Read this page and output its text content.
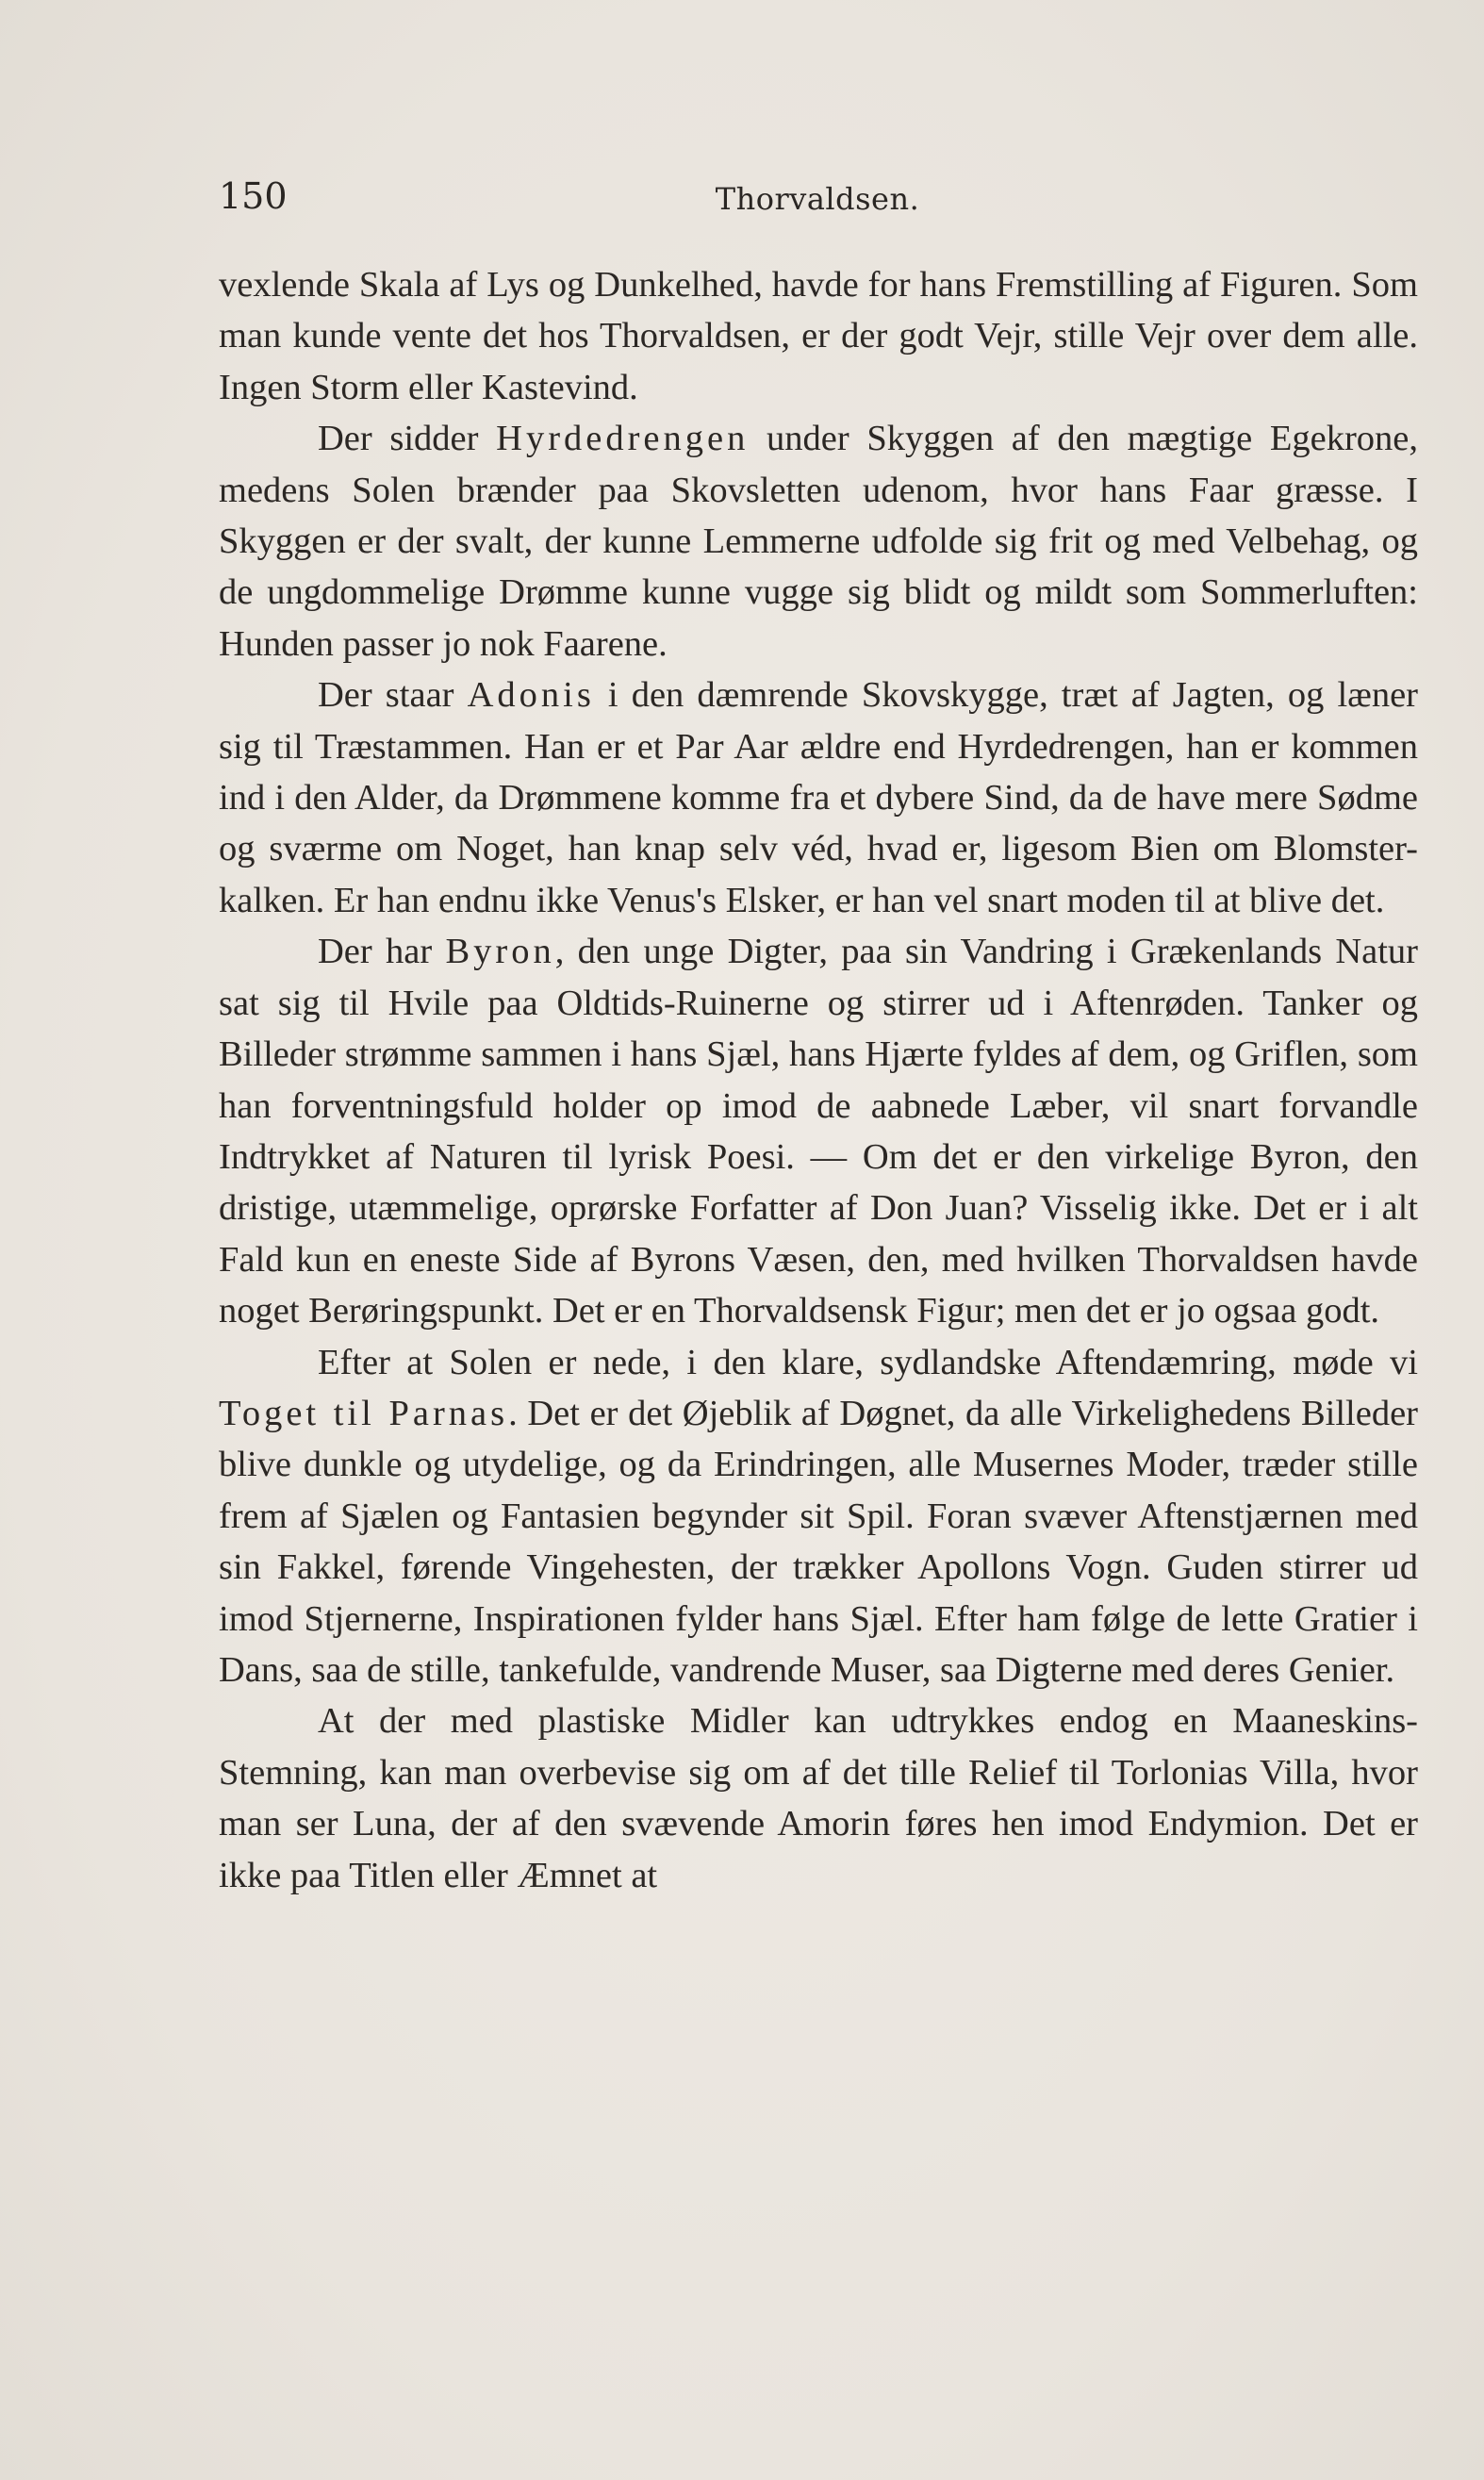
150	Thorvaldsen.

vexlende Skala af Lys og Dunkelhed, havde for hans Fremstilling af Figuren. Som man kunde vente det hos Thorvaldsen, er der godt Vejr, stille Vejr over dem alle. Ingen Storm eller Kastevind.

Der sidder Hyrdedrengen under Skyggen af den mægtige Egekrone, medens Solen brænder paa Skovsletten udenom, hvor hans Faar græsse. I Skyggen er der svalt, der kunne Lemmerne udfolde sig frit og med Velbehag, og de ungdommelige Drømme kunne vugge sig blidt og mildt som Sommerluften: Hunden passer jo nok Faarene.

Der staar Adonis i den dæmrende Skovskygge, træt af Jagten, og læner sig til Træstammen. Han er et Par Aar ældre end Hyrdedrengen, han er kommen ind i den Alder, da Drømmene komme fra et dybere Sind, da de have mere Sødme og sværme om Noget, han knap selv véd, hvad er, ligesom Bien om Blomster-kalken. Er han endnu ikke Venus's Elsker, er han vel snart moden til at blive det.

Der har Byron, den unge Digter, paa sin Vandring i Grækenlands Natur sat sig til Hvile paa Oldtids-Ruinerne og stirrer ud i Aftenrøden. Tanker og Billeder strømme sammen i hans Sjæl, hans Hjærte fyldes af dem, og Griflen, som han forventningsfuld holder op imod de aabnede Læber, vil snart forvandle Indtrykket af Naturen til lyrisk Poesi. — Om det er den virkelige Byron, den dristige, utæmmelige, oprørske Forfatter af Don Juan? Visselig ikke. Det er i alt Fald kun en eneste Side af Byrons Væsen, den, med hvilken Thorvaldsen havde noget Berøringspunkt. Det er en Thorvaldsensk Figur; men det er jo ogsaa godt.

Efter at Solen er nede, i den klare, sydlandske Aftendæmring, møde vi Toget til Parnas. Det er det Øjeblik af Døgnet, da alle Virkelighedens Billeder blive dunkle og utydelige, og da Erindringen, alle Musernes Moder, træder stille frem af Sjælen og Fantasien begynder sit Spil. Foran svæver Aftenstjærnen med sin Fakkel, førende Vingehesten, der trækker Apollons Vogn. Guden stirrer ud imod Stjernerne, Inspirationen fylder hans Sjæl. Efter ham følge de lette Gratier i Dans, saa de stille, tankefulde, vandrende Muser, saa Digterne med deres Genier.

At der med plastiske Midler kan udtrykkes endog en Maaneskins-Stemning, kan man overbevise sig om af det tille Relief til Torlonias Villa, hvor man ser Luna, der af den svævende Amorin føres hen imod Endymion. Det er ikke paa Titlen eller Æmnet at
